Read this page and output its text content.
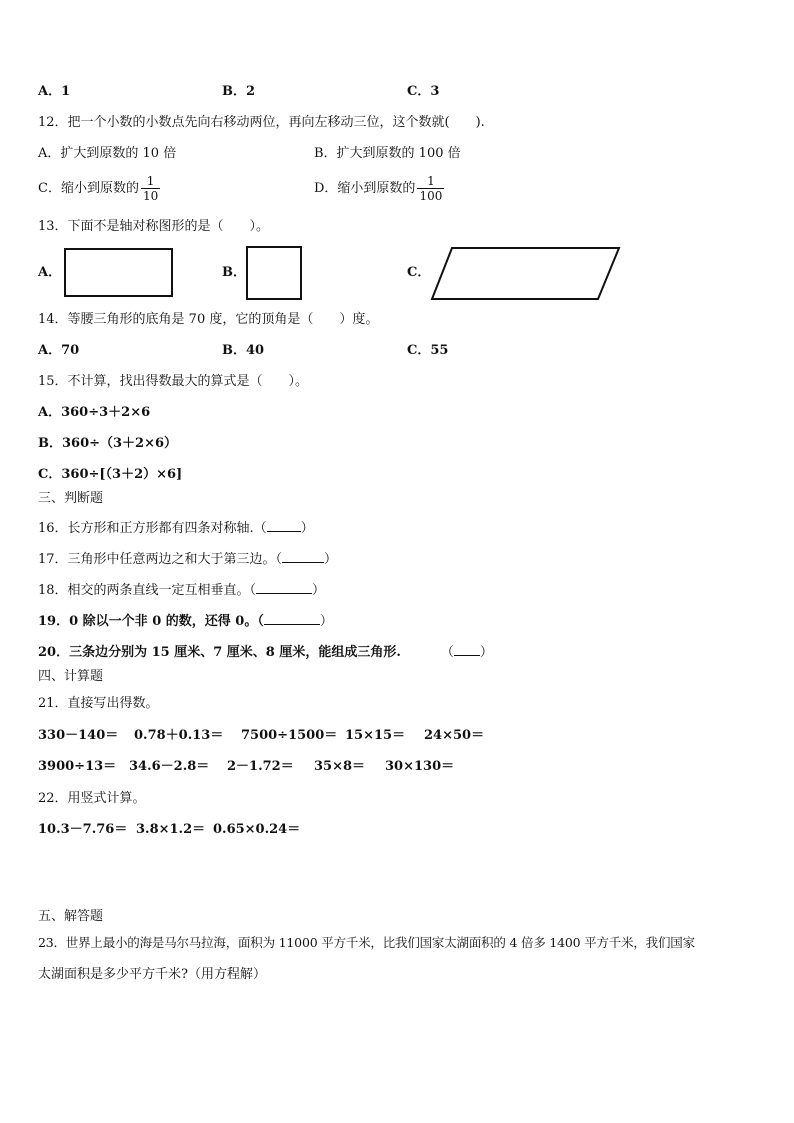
A．1	B．2	C．3
12．把一个小数的小数点先向右移动两位，再向左移动三位，这个数就(　　).
A．扩大到原数的 10 倍	B．扩大到原数的 100 倍
C．缩小到原数的 $\frac{1}{10}$	D．缩小到原数的 $\frac{1}{100}$
13．下面不是轴对称图形的是（　　）。
A．	B．	C．
14．等腰三角形的底角是 70 度，它的顶角是（　　）度。
A．70	B．40	C．55
15．不计算，找出得数最大的算式是（　　）。
A．360÷3＋2×6
B．360÷（3＋2×6）
C．360÷[（3＋2）×6]
三、判断题
16．长方形和正方形都有四条对称轴.（	）
17．三角形中任意两边之和大于第三边。（	）
18．相交的两条直线一定互相垂直。（	）
19．0 除以一个非 0 的数，还得 0。（	）
20．三条边分别为 15 厘米、7 厘米、8 厘米，能组成三角形.	（ ）
四、计算题
21．直接写出得数。
330－140＝ 0.78＋0.13＝ 7500÷1500＝ 15×15＝ 24×50＝
3900÷13＝ 34.6－2.8＝ 2－1.72＝ 35×8＝ 30×130＝
22．用竖式计算。
10.3－7.76＝ 3.8×1.2＝ 0.65×0.24＝
五、解答题
23．世界上最小的海是马尔马拉海，面积为 11000 平方千米，比我们国家太湖面积的 4 倍多 1400 平方千米，我们国家
太湖面积是多少平方千米?（用方程解）
